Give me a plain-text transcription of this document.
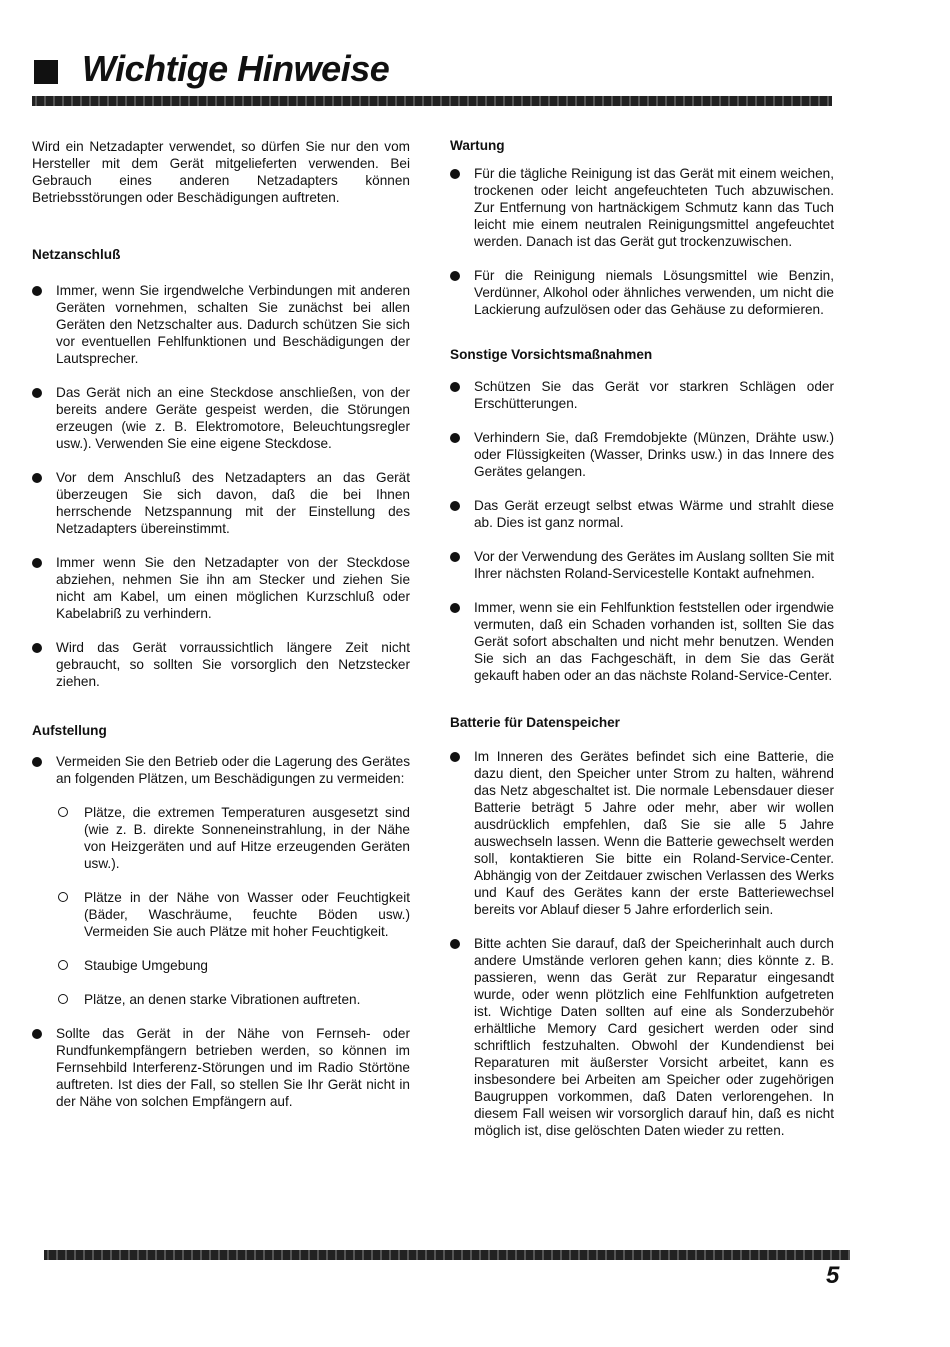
Wichtige Hinweise

Wird ein Netzadapter verwendet, so dürfen Sie nur den vom Hersteller mit dem Gerät mitgelieferten verwenden. Bei Gebrauch eines anderen Netzadapters können Betriebsstörungen oder Beschädigungen auftreten.

Netzanschluß

Immer, wenn Sie irgendwelche Verbindungen mit anderen Geräten vornehmen, schalten Sie zunächst bei allen Geräten den Netzschalter aus. Dadurch schützen Sie sich vor eventuellen Fehlfunktionen und Beschädigungen der Lautsprecher.

Das Gerät nich an eine Steckdose anschließen, von der bereits andere Geräte gespeist werden, die Störungen erzeugen (wie z. B. Elektromotore, Beleuchtungsregler usw.). Verwenden Sie eine eigene Steckdose.

Vor dem Anschluß des Netzadapters an das Gerät überzeugen Sie sich davon, daß die bei Ihnen herrschende Netzspannung mit der Einstellung des Netzadapters übereinstimmt.

Immer wenn Sie den Netzadapter von der Steckdose abziehen, nehmen Sie ihn am Stecker und ziehen Sie nicht am Kabel, um einen möglichen Kurzschluß oder Kabelabriß zu verhindern.

Wird das Gerät vorraussichtlich längere Zeit nicht gebraucht, so sollten Sie vorsorglich den Netzstecker ziehen.

Aufstellung

Vermeiden Sie den Betrieb oder die Lagerung des Gerätes an folgenden Plätzen, um Beschädigungen zu vermeiden:

Plätze, die extremen Temperaturen ausgesetzt sind (wie z. B. direkte Sonneneinstrahlung, in der Nähe von Heizgeräten und auf Hitze erzeugenden Geräten usw.).

Plätze in der Nähe von Wasser oder Feuchtigkeit (Bäder, Waschräume, feuchte Böden usw.) Vermeiden Sie auch Plätze mit hoher Feuchtigkeit.

Staubige Umgebung

Plätze, an denen starke Vibrationen auftreten.

Sollte das Gerät in der Nähe von Fernseh- oder Rundfunkempfängern betrieben werden, so können im Fernsehbild Interferenz-Störungen und im Radio Störtöne auftreten. Ist dies der Fall, so stellen Sie Ihr Gerät nicht in der Nähe von solchen Empfängern auf.

Wartung

Für die tägliche Reinigung ist das Gerät mit einem weichen, trockenen oder leicht angefeuchteten Tuch abzuwischen. Zur Entfernung von hartnäckigem Schmutz kann das Tuch leicht mie einem neutralen Reinigungsmittel angefeuchtet werden. Danach ist das Gerät gut trockenzuwischen.

Für die Reinigung niemals Lösungsmittel wie Benzin, Verdünner, Alkohol oder ähnliches verwenden, um nicht die Lackierung aufzulösen oder das Gehäuse zu deformieren.

Sonstige Vorsichtsmaßnahmen

Schützen Sie das Gerät vor starkren Schlägen oder Erschütterungen.

Verhindern Sie, daß Fremdobjekte (Münzen, Drähte usw.) oder Flüssigkeiten (Wasser, Drinks usw.) in das Innere des Gerätes gelangen.

Das Gerät erzeugt selbst etwas Wärme und strahlt diese ab. Dies ist ganz normal.

Vor der Verwendung des Gerätes im Auslang sollten Sie mit Ihrer nächsten Roland-Servicestelle Kontakt aufnehmen.

Immer, wenn sie ein Fehlfunktion feststellen oder irgendwie vermuten, daß ein Schaden vorhanden ist, sollten Sie das Gerät sofort abschalten und nicht mehr benutzen. Wenden Sie sich an das Fachgeschäft, in dem Sie das Gerät gekauft haben oder an das nächste Roland-Service-Center.

Batterie für Datenspeicher

Im Inneren des Gerätes befindet sich eine Batterie, die dazu dient, den Speicher unter Strom zu halten, während das Netz abgeschaltet ist. Die normale Lebensdauer dieser Batterie beträgt 5 Jahre oder mehr, aber wir wollen ausdrücklich empfehlen, daß Sie sie alle 5 Jahre auswechseln lassen. Wenn die Batterie gewechselt werden soll, kontaktieren Sie bitte ein Roland-Service-Center. Abhängig von der Zeitdauer zwischen Verlassen des Werks und Kauf des Gerätes kann der erste Batteriewechsel bereits vor Ablauf dieser 5 Jahre erforderlich sein.

Bitte achten Sie darauf, daß der Speicherinhalt auch durch andere Umstände verloren gehen kann; dies könnte z. B. passieren, wenn das Gerät zur Reparatur eingesandt wurde, oder wenn plötzlich eine Fehlfunktion aufgetreten ist. Wichtige Daten sollten auf eine als Sonderzubehör erhältliche Memory Card gesichert werden oder sind schriftlich festzuhalten. Obwohl der Kundendienst bei Reparaturen mit äußerster Vorsicht arbeitet, kann es insbesondere bei Arbeiten am Speicher oder zugehörigen Baugruppen vorkommen, daß Daten verlorengehen. In diesem Fall weisen wir vorsorglich darauf hin, daß es nicht möglich ist, dise gelöschten Daten wieder zu retten.

5
